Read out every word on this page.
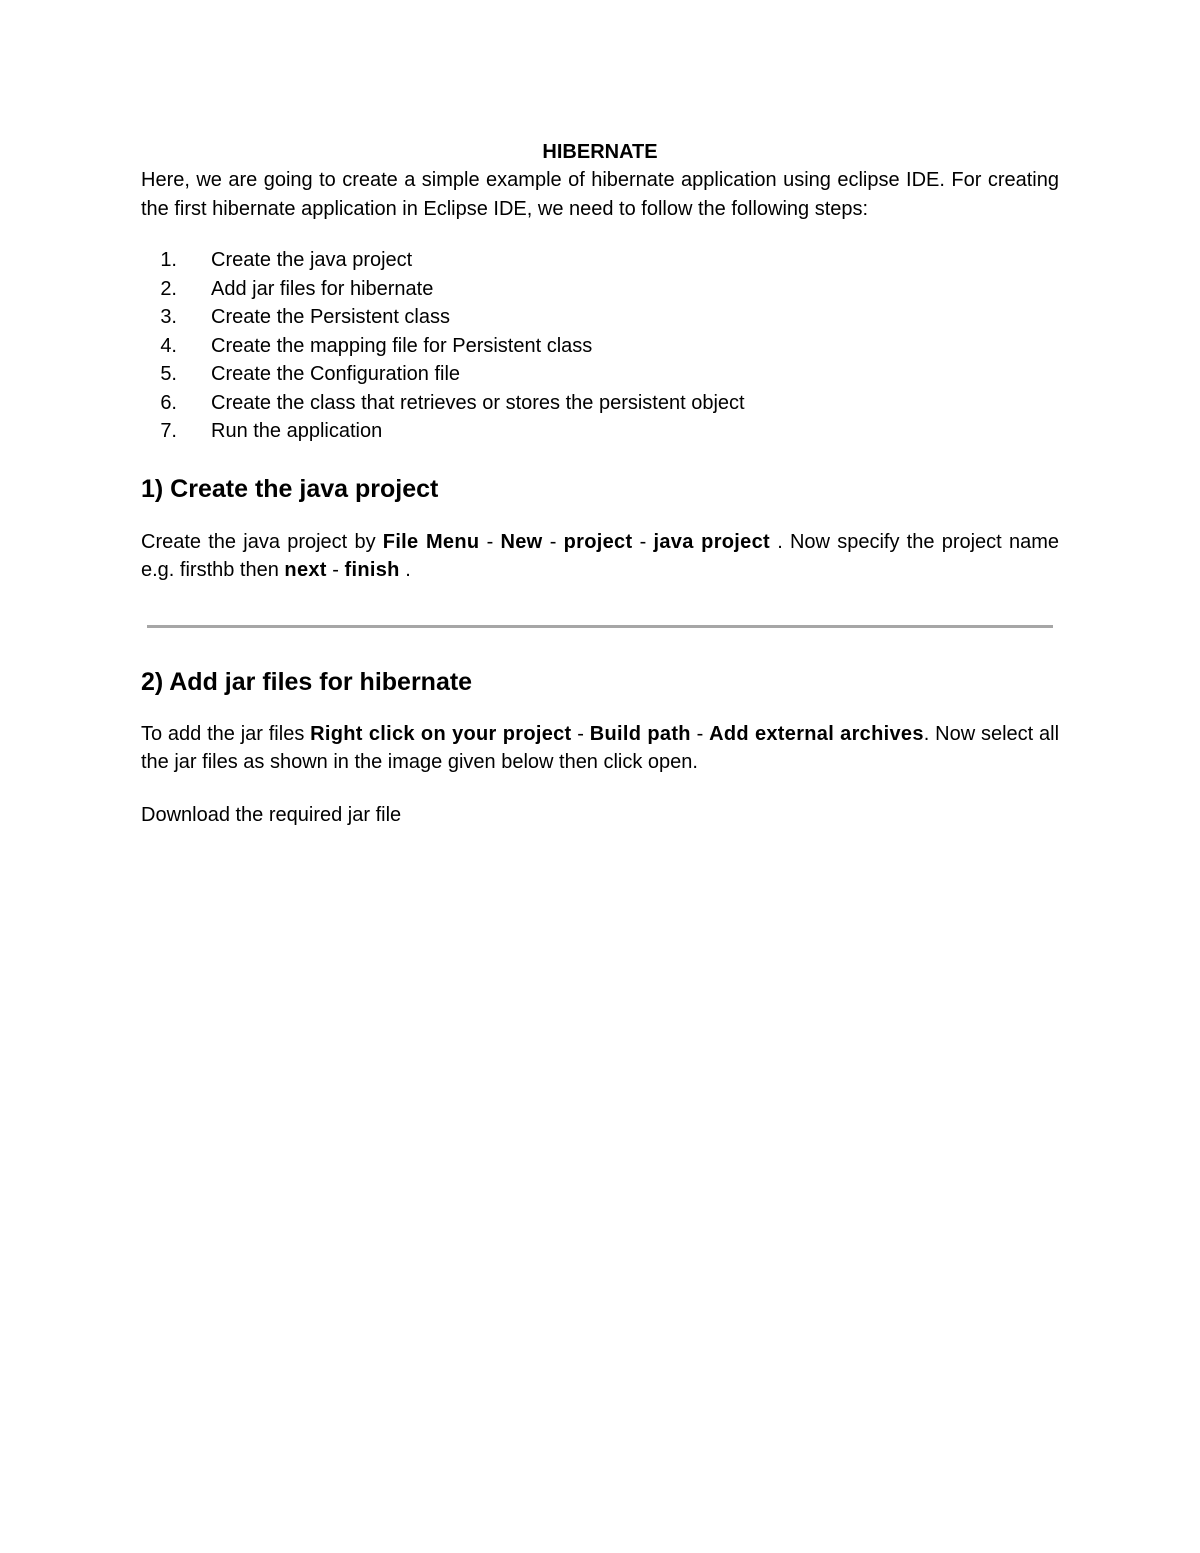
HIBERNATE

Here, we are going to create a simple example of hibernate application using eclipse IDE. For creating the first hibernate application in Eclipse IDE, we need to follow the following steps:

1.	Create the java project
2.	Add jar files for hibernate
3.	Create the Persistent class
4.	Create the mapping file for Persistent class
5.	Create the Configuration file
6.	Create the class that retrieves or stores the persistent object
7.	Run the application
1) Create the java project

Create the java project by File Menu - New - project - java project . Now specify the project name e.g. firsthb then next - finish .

2) Add jar files for hibernate

To add the jar files Right click on your project - Build path - Add external archives. Now select all the jar files as shown in the image given below then click open.

Download the required jar file
